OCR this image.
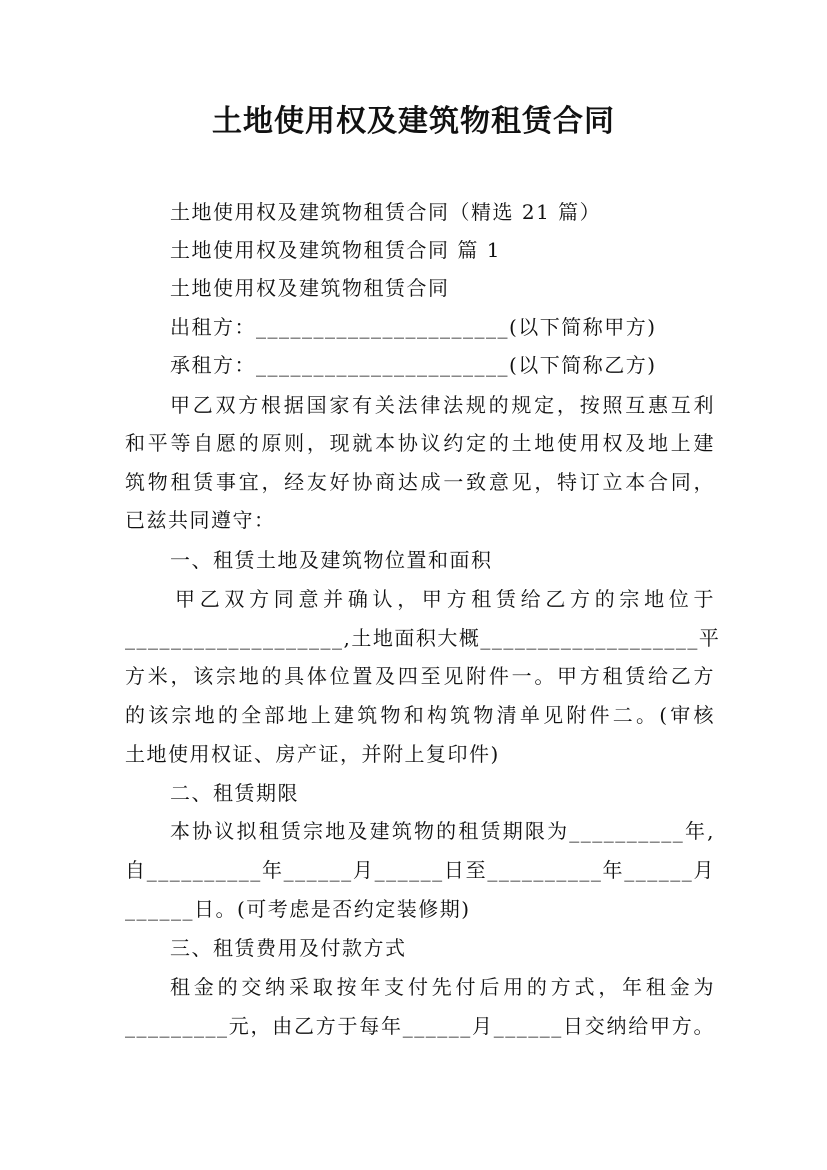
土地使用权及建筑物租赁合同
土地使用权及建筑物租赁合同（精选 21 篇）
土地使用权及建筑物租赁合同 篇 1
土地使用权及建筑物租赁合同
出租方：______________________(以下简称甲方)
承租方：______________________(以下简称乙方)
甲乙双方根据国家有关法律法规的规定，按照互惠互利
和平等自愿的原则，现就本协议约定的土地使用权及地上建
筑物租赁事宜，经友好协商达成一致意见，特订立本合同，
已兹共同遵守：
一、租赁土地及建筑物位置和面积
甲乙双方同意并确认，甲方租赁给乙方的宗地位于
___________________,土地面积大概___________________平
方米，该宗地的具体位置及四至见附件一。甲方租赁给乙方
的该宗地的全部地上建筑物和构筑物清单见附件二。(审核
土地使用权证、房产证，并附上复印件)
二、租赁期限
本协议拟租赁宗地及建筑物的租赁期限为__________年,
自__________年______月______日至__________年______月
______日。(可考虑是否约定装修期)
三、租赁费用及付款方式
租金的交纳采取按年支付先付后用的方式，年租金为
_________元，由乙方于每年______月______日交纳给甲方。
